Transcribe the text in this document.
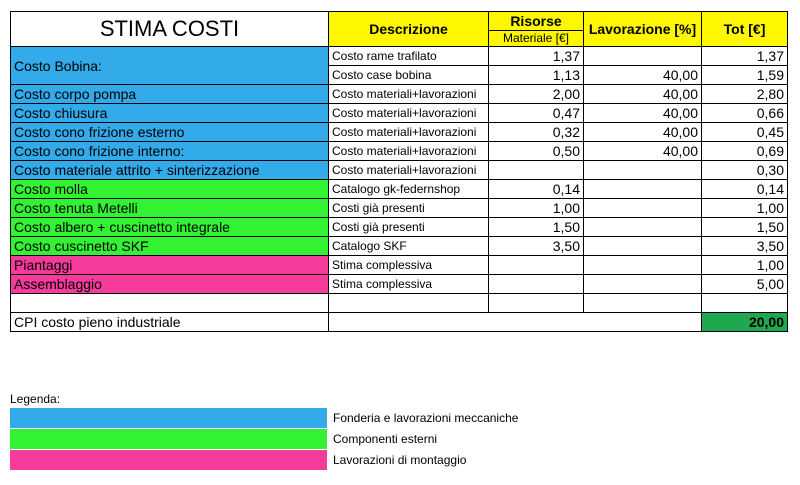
STIMA COSTI	Descrizione	Risorse	Lavorazione [%]	Tot [€]
		Materiale [€]		
Costo Bobina:	Costo rame trafilato	1,37		1,37
	Costo case bobina	1,13	40,00	1,59
Costo corpo pompa	Costo materiali+lavorazioni	2,00	40,00	2,80
Costo chiusura	Costo materiali+lavorazioni	0,47	40,00	0,66
Costo cono frizione esterno	Costo materiali+lavorazioni	0,32	40,00	0,45
Costo cono frizione interno:	Costo materiali+lavorazioni	0,50	40,00	0,69
Costo materiale attrito + sinterizzazione	Costo materiali+lavorazioni			0,30
Costo molla	Catalogo gk-federnshop	0,14		0,14
Costo tenuta Metelli	Costi già presenti	1,00		1,00
Costo albero + cuscinetto integrale	Costi già presenti	1,50		1,50
Costo cuscinetto SKF	Catalogo SKF	3,50		3,50
Piantaggi	Stima complessiva			1,00
Assemblaggio	Stima complessiva			5,00

CPI costo pieno industriale				20,00
Legenda:
Fonderia e lavorazioni meccaniche
Componenti esterni
Lavorazioni di montaggio
